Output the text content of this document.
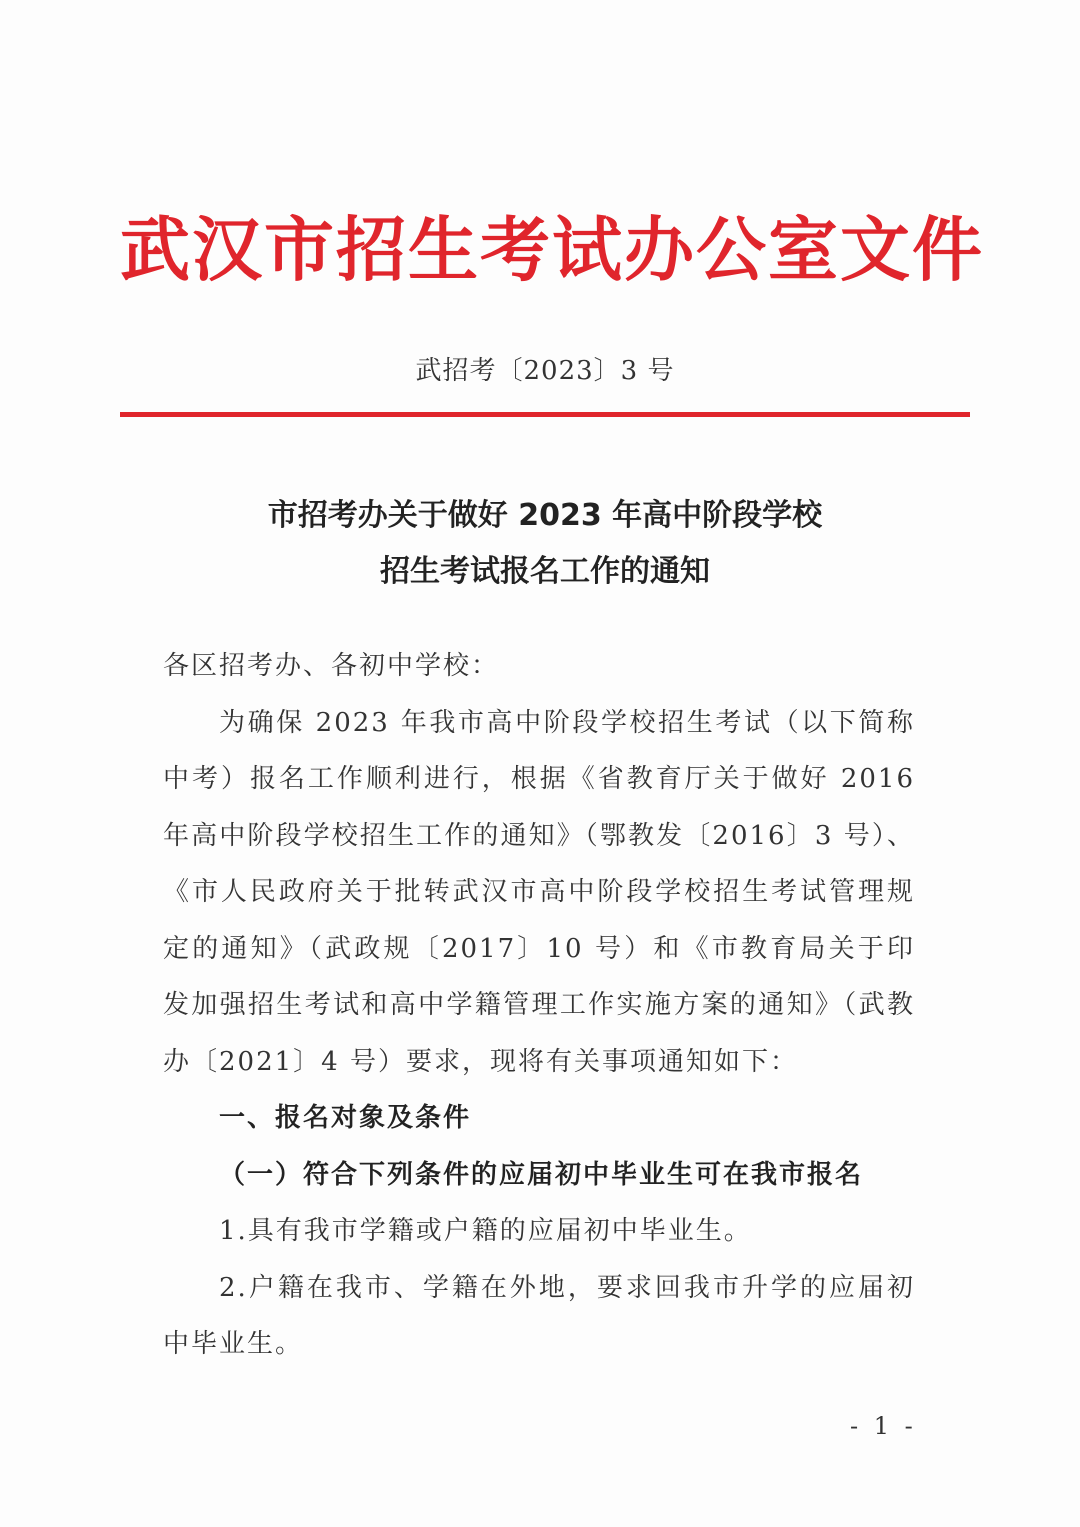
武汉市招生考试办公室文件
武招考〔2023〕3 号
市招考办关于做好 2023 年高中阶段学校
招生考试报名工作的通知

各区招考办、各初中学校：

为确保 2023 年我市高中阶段学校招生考试（以下简称中考）报名工作顺利进行，根据《省教育厅关于做好 2016 年高中阶段学校招生工作的通知》（鄂教发〔2016〕3 号）、《市人民政府关于批转武汉市高中阶段学校招生考试管理规定的通知》（武政规〔2017〕10 号）和《市教育局关于印发加强招生考试和高中学籍管理工作实施方案的通知》（武教办〔2021〕4 号）要求，现将有关事项通知如下：

一、报名对象及条件

（一）符合下列条件的应届初中毕业生可在我市报名

1.具有我市学籍或户籍的应届初中毕业生。

2.户籍在我市、学籍在外地，要求回我市升学的应届初中毕业生。

- 1 -
